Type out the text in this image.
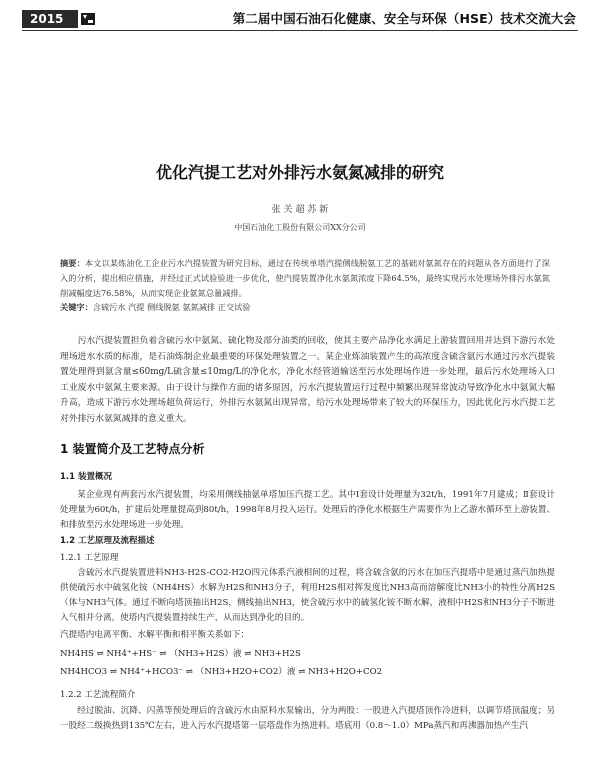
2015	第二届中国石油石化健康、安全与环保（HSE）技术交流大会
优化汽提工艺对外排污水氨氮减排的研究
张 关 超 苏 新
中国石油化工股份有限公司XX分公司
摘要：本文以某炼油化工企业污水汽提装置为研究目标，通过在传统单塔汽提侧线脱氨工艺的基础对氨氮存在的问题从各方面进行了深入的分析，提出相应措施，并经过正式试验验进一步优化，使汽提装置净化水氨氮浓度下降64.5%，最终实现污水处理场外排污水氨氮削减幅度达76.58%，从而实现企业氨氮总量减排。
关键字：含硫污水 汽提 侧线脱氨 氨氮减排 正交试验
污水汽提装置担负着含硫污水中氨氮、硫化物及部分油类的回收，使其主要产品净化水满足上游装置回用并达到下游污水处理场进水水质的标准，是石油炼制企业最重要的环保处理装置之一。某企业炼油装置产生的高浓度含硫含氨污水通过污水汽提装置处理得到氨含量≤60mg/L硫含量≤10mg/L的净化水，净化水经管道输送至污水处理场作进一步处理，最后污水处理场入口工业废水中氨氮主要来源。由于设计与操作方面的诸多原因，污水汽提装置运行过程中频繁出现异常波动导致净化水中氨氮大幅升高，造成下游污水处理场超负荷运行，外排污水氨氮出现异常，给污水处理场带来了较大的环保压力，因此优化污水汽提工艺对外排污水氨氮减排的意义重大。
1 装置简介及工艺特点分析
1.1 装置概况
某企业现有两套污水汽提装置，均采用侧线抽氨单塔加压汽提工艺。其中Ⅰ套设计处理量为32t/h，1991年7月建成；Ⅱ套设计处理量为60t/h，扩建后处理量提高到80t/h，1998年8月投入运行。处理后的净化水根据生产需要作为上乙游水循环至上游装置、和排放至污水处理场进一步处理。
1.2 工艺原理及流程描述
1.2.1 工艺原理
含硫污水汽提装置进料NH3-H2S-CO2-H2O四元体系汽液相间的过程，将含硫含氨的污水在加压汽提塔中是通过蒸汽加热提供使硫污水中硫氢化铵（NH4HS）水解为H2S和NH3分子，利用H2S相对挥发度比NH3高而溶解度比NH3小的特性分离H2S（体与NH3气体。通过不断向塔顶抽出H2S，侧线抽出NH3，使含硫污水中的硫氢化铵不断水解，液相中H2S和NH3分子不断进入气相并分离，使塔内汽提装置持续生产，从而达到净化的目的。
汽提塔内电离平衡、水解平衡和相平衡关系如下：
NH4HS ⇌ NH4⁺+HS⁻ ⇌ （NH3+H2S）液 ⇌ NH3+H2S
NH4HCO3 ⇌ NH4⁺+HCO3⁻ ⇌ （NH3+H2O+CO2）液 ⇌ NH3+H2O+CO2
1.2.2 工艺流程简介
经过脱油、沉降、闪蒸等预处理后的含硫污水由原料水泵输出，分为两股：一股进入汽提塔顶作冷进料，以调节塔顶温度；另一股经二级换热到135℃左右，进入污水汽提塔第一层塔盘作为热进料。塔底用（0.8～1.0）MPa蒸汽和再沸器加热产生汽
